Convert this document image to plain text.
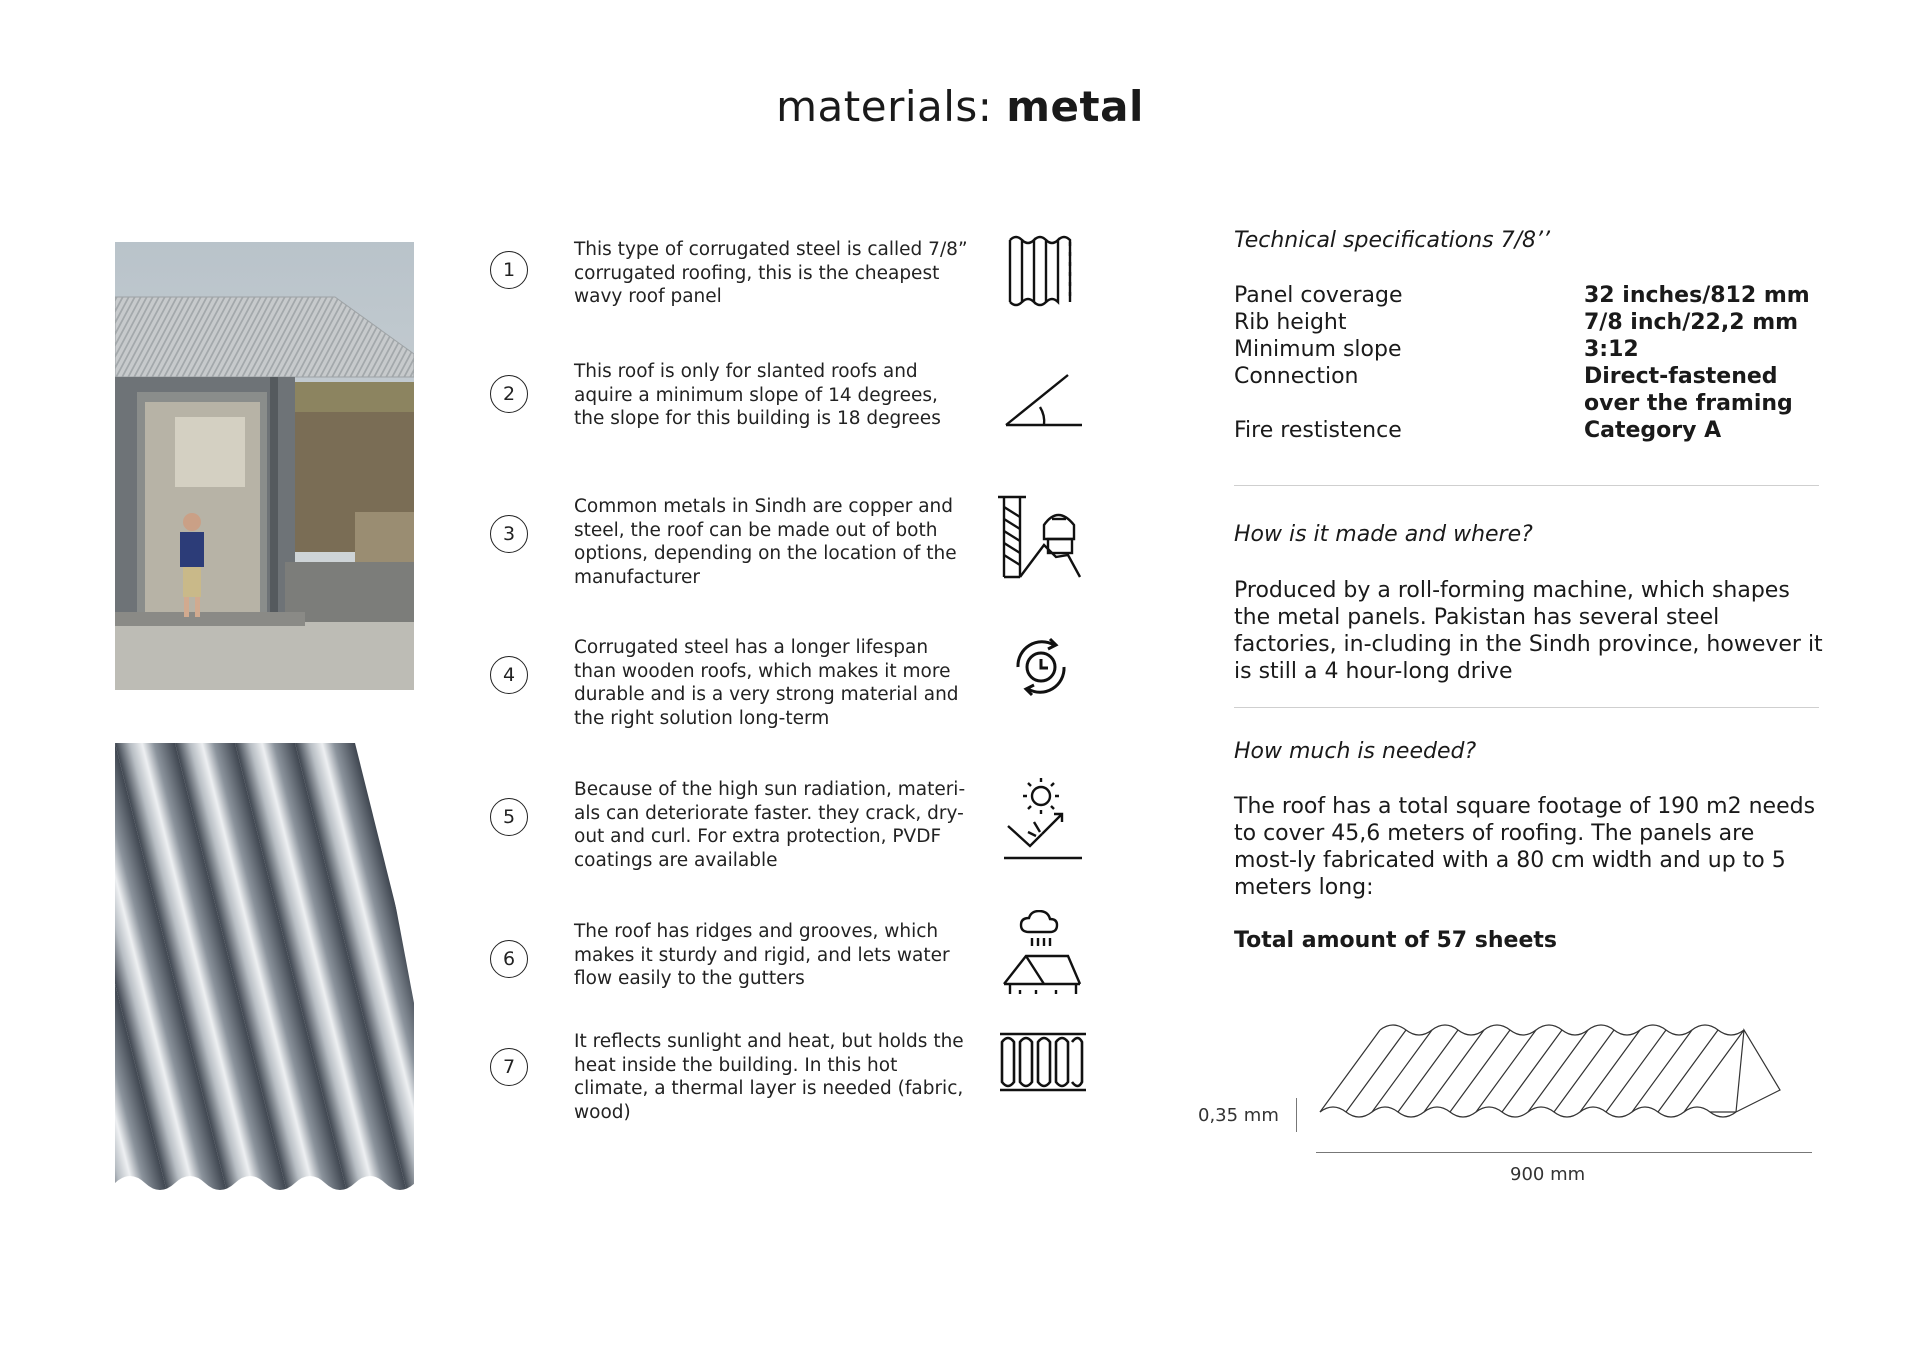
materials: metal
1
This type of corrugated steel is called 7/8” corrugated roofing, this is the cheapest wavy roof panel
2
This roof is only for slanted roofs and aquire a minimum slope of 14 degrees, the slope for this building is 18 degrees
3
Common metals in Sindh are copper and steel, the roof can be made out of both options, depending on the location of the manufacturer
4
Corrugated steel has a longer lifespan than wooden roofs, which makes it more durable and is a very strong material and the right solution long-term
5
Because of the high sun radiation, materi-als can deteriorate faster. they crack, dry-out and curl. For extra protection, PVDF coatings are available
6
The roof has ridges and grooves, which makes it sturdy and rigid, and lets water flow easily to the gutters
7
It reflects sunlight and heat, but holds the heat inside the building. In this hot climate, a thermal layer is needed (fabric, wood)
Technical specifications 7/8’’
Panel coverage	32 inches/812 mm
Rib height	7/8 inch/22,2 mm
Minimum slope	3:12
Connection	Direct-fastened over the framing
Fire restistence	Category A
How is it made and where?
Produced by a roll-forming machine, which shapes the metal panels. Pakistan has several steel factories, in-cluding in the Sindh province, however it is still a 4 hour-long drive
How much is needed?
The roof has a total square footage of 190 m2 needs to cover 45,6 meters of roofing. The panels are most-ly fabricated with a 80 cm width and up to 5 meters long:
Total amount of 57 sheets
0,35 mm
900 mm
